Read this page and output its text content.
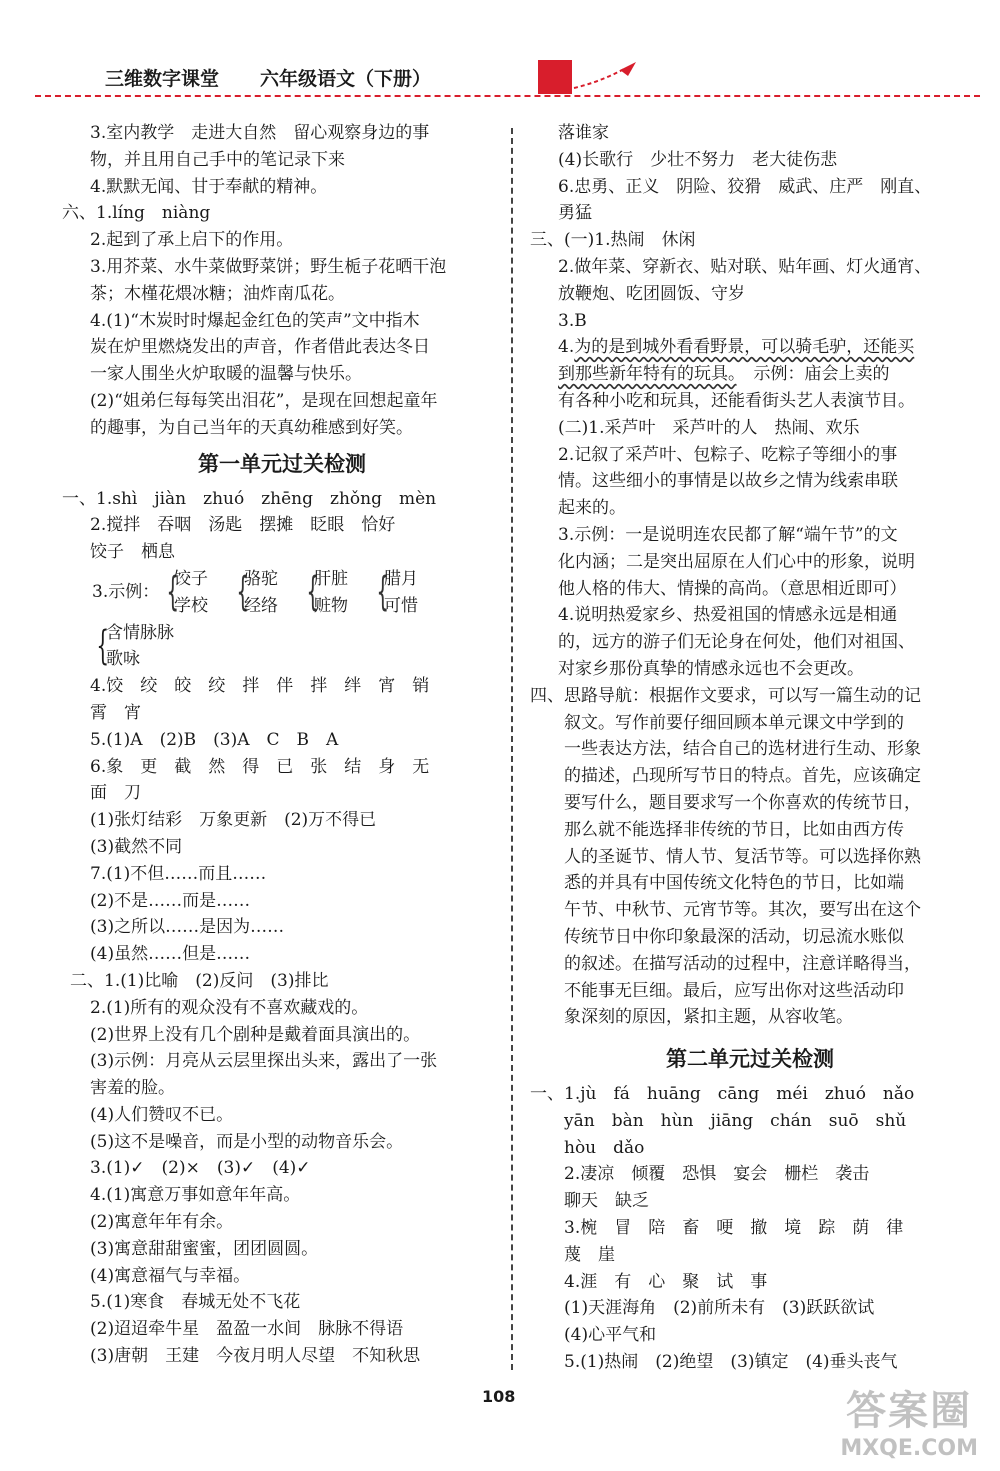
三维数字课堂 六年级语文（下册）
3.室内教学　走进大自然　留心观察身边的事
物，并且用自己手中的笔记录下来
4.默默无闻、甘于奉献的精神。
六、1.líng　niàng
2.起到了承上启下的作用。
3.用芥菜、水牛菜做野菜饼；野生栀子花晒干泡
茶；木槿花煨冰糖；油炸南瓜花。
4.(1)“木炭时时爆起金红色的笑声”文中指木
炭在炉里燃烧发出的声音，作者借此表达冬日
一家人围坐火炉取暖的温馨与快乐。
(2)“姐弟仨每每笑出泪花”，是现在回想起童年
的趣事，为自己当年的天真幼稚感到好笑。
第一单元过关检测
一、1.shì　jiàn　zhuó　zhēng　zhǒng　mèn
2.搅拌　吞咽　汤匙　摆摊　眨眼　恰好
饺子　栖息
3.示例： {
饺子
学校 {
骆驼
经络 {
肝脏
赃物 {
腊月
可惜
{
含情脉脉
歌咏
4.饺　绞　皎　绞　拌　伴　拌　绊　宵　销
霄　宵
5.(1)A　(2)B　(3)A　C　B　A
6.象　更　截　然　得　已　张　结　身　无
面　刀
(1)张灯结彩　万象更新　(2)万不得已
(3)截然不同
7.(1)不但……而且……
(2)不是……而是……
(3)之所以……是因为……
(4)虽然……但是……
二、1.(1)比喻　(2)反问　(3)排比
2.(1)所有的观众没有不喜欢藏戏的。
(2)世界上没有几个剧种是戴着面具演出的。
(3)示例：月亮从云层里探出头来，露出了一张
害羞的脸。
(4)人们赞叹不已。
(5)这不是噪音，而是小型的动物音乐会。
3.(1)✓　(2)×　(3)✓　(4)✓
4.(1)寓意万事如意年年高。
(2)寓意年年有余。
(3)寓意甜甜蜜蜜，团团圆圆。
(4)寓意福气与幸福。
5.(1)寒食　春城无处不飞花
(2)迢迢牵牛星　盈盈一水间　脉脉不得语
(3)唐朝　王建　今夜月明人尽望　不知秋思
落谁家
(4)长歌行　少壮不努力　老大徒伤悲
6.忠勇、正义　阴险、狡猾　威武、庄严　刚直、
勇猛
三、(一)1.热闹　休闲
2.做年菜、穿新衣、贴对联、贴年画、灯火通宵、
放鞭炮、吃团圆饭、守岁
3.B
4.为的是到城外看看野景，可以骑毛驴，还能买
到那些新年特有的玩具。　示例：庙会上卖的
有各种小吃和玩具，还能看街头艺人表演节目。
(二)1.采芦叶　采芦叶的人　热闹、欢乐
2.记叙了采芦叶、包粽子、吃粽子等细小的事
情。这些细小的事情是以故乡之情为线索串联
起来的。
3.示例：一是说明连农民都了解“端午节”的文
化内涵；二是突出屈原在人们心中的形象，说明
他人格的伟大、情操的高尚。（意思相近即可）
4.说明热爱家乡、热爱祖国的情感永远是相通
的，远方的游子们无论身在何处，他们对祖国、
对家乡那份真挚的情感永远也不会更改。
四、思路导航：根据作文要求，可以写一篇生动的记
叙文。写作前要仔细回顾本单元课文中学到的
一些表达方法，结合自己的选材进行生动、形象
的描述，凸现所写节日的特点。首先，应该确定
要写什么，题目要求写一个你喜欢的传统节日，
那么就不能选择非传统的节日，比如由西方传
人的圣诞节、情人节、复活节等。可以选择你熟
悉的并具有中国传统文化特色的节日，比如端
午节、中秋节、元宵节等。其次，要写出在这个
传统节日中你印象最深的活动，切忌流水账似
的叙述。在描写活动的过程中，注意详略得当，
不能事无巨细。最后，应写出你对这些活动印
象深刻的原因，紧扣主题，从容收笔。
第二单元过关检测
一、1.jù　fá　huāng　cāng　méi　zhuó　nǎo
yān　bàn　hùn　jiāng　chán　suō　shǔ
hòu　dǎo
2.凄凉　倾覆　恐惧　宴会　栅栏　袭击
聊天　缺乏
3.椀　冒　陪　畜　哽　撤　境　踪　荫　律
蔑　崖
4.涯　有　心　聚　试　事
(1)天涯海角　(2)前所未有　(3)跃跃欲试
(4)心平气和
5.(1)热闹　(2)绝望　(3)镇定　(4)垂头丧气
108	答案圈
MXQE.COM
